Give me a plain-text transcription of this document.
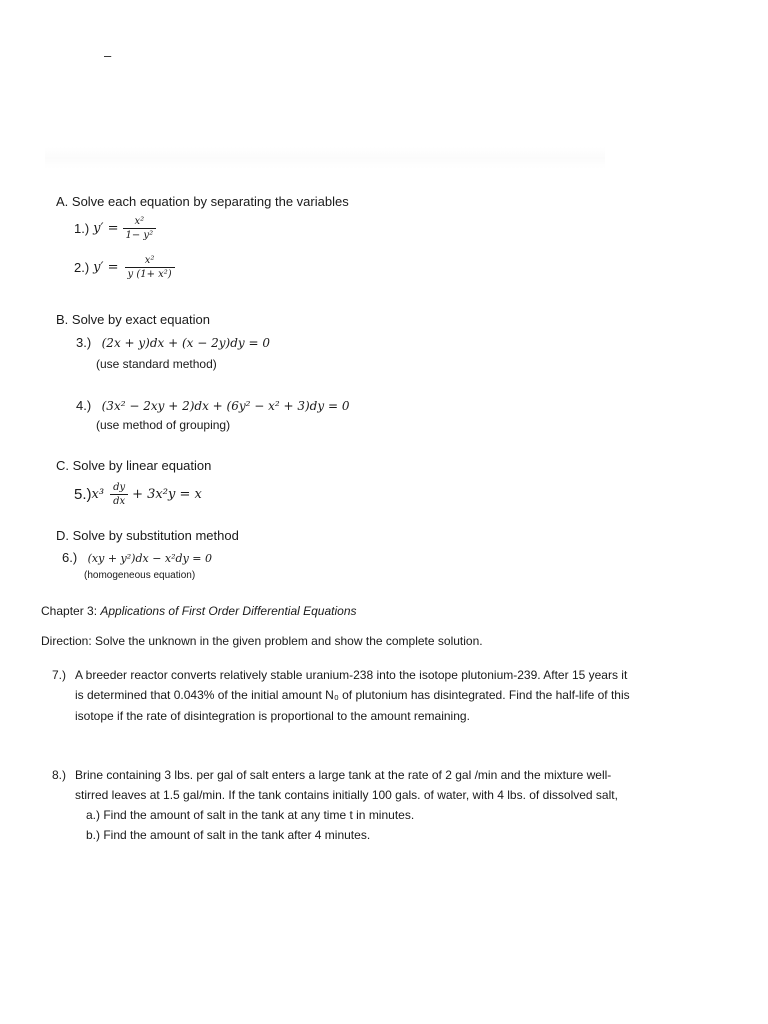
–
A. Solve each equation by separating the variables
1.) $y' = \frac{\text{x²}}{\text{1− y²}}$
2.) $y' = \frac{\text{x²}}{\text{y (1+ x²)}}$
B. Solve by exact equation
3.) (2x + y)dx + (x − 2y)dy = 0
(use standard method)
4.) (3x² − 2xy + 2)dx + (6y² − x² + 3)dy = 0
(use method of grouping)
C. Solve by linear equation
5.) $x^3 \frac{dy}{dx} + 3x^2y = x$
D. Solve by substitution method
6.) (xy + y²)dx − x²dy = 0
(homogeneous equation)
Chapter 3: Applications of First Order Differential Equations
Direction: Solve the unknown in the given problem and show the complete solution.
7.) A breeder reactor converts relatively stable uranium-238 into the isotope plutonium-239. After 15 years it
is determined that 0.043% of the initial amount N₀ of plutonium has disintegrated. Find the half-life of this
isotope if the rate of disintegration is proportional to the amount remaining.
8.) Brine containing 3 lbs. per gal of salt enters a large tank at the rate of 2 gal /min and the mixture well-
stirred leaves at 1.5 gal/min. If the tank contains initially 100 gals. of water, with 4 lbs. of dissolved salt,
a.) Find the amount of salt in the tank at any time t in minutes.
b.) Find the amount of salt in the tank after 4 minutes.
